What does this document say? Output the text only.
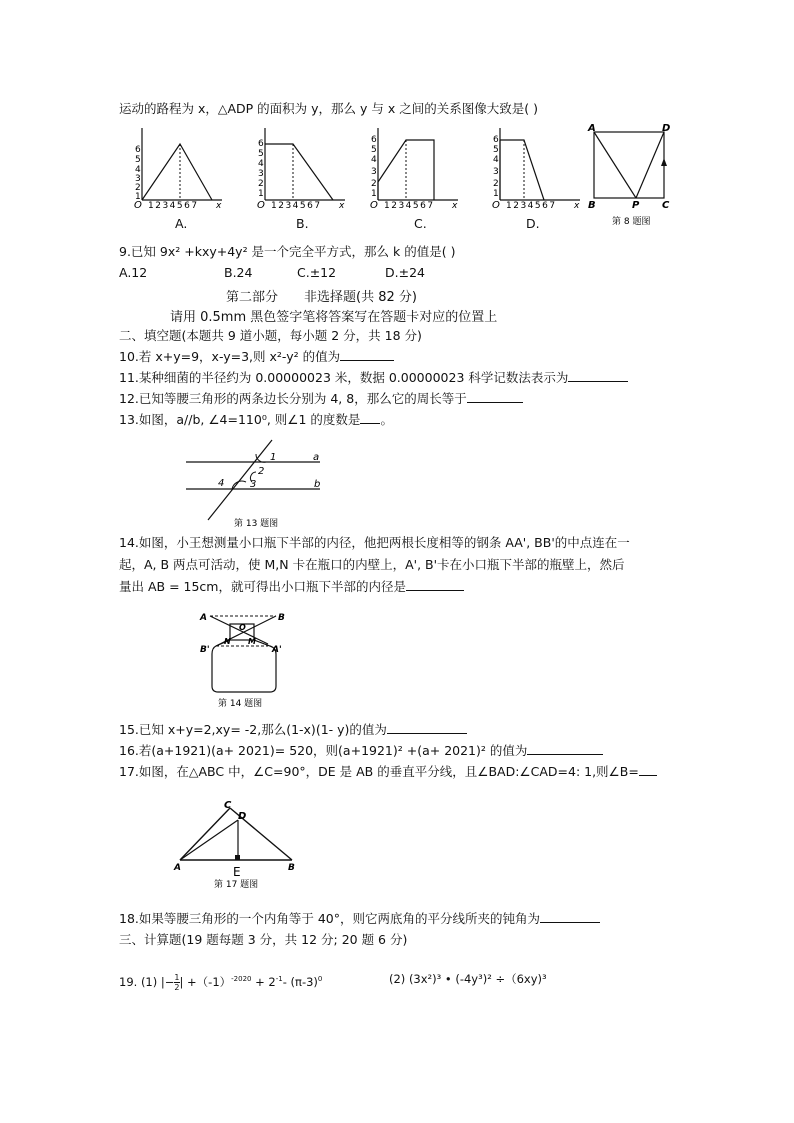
运动的路程为 x，△ADP 的面积为 y，那么 y 与 x 之间的关系图像大致是( )
O 1234567 x
6
5
4
3
2
1
A.
O 1234567 x
6
5
4
3
2
1
B.
O 1234567 x
6
5
4
3
2
1
C.
O 1234567 x
6
5
4
3
2
1
D.
A	D
B	P C
第 8 题图
9.已知 9x² +kxy+4y² 是一个完全平方式，那么 k 的值是( )
A.12	B.24	C.±12	D.±24
第二部分　　非选择题(共 82 分)
请用 0.5mm 黑色签字笔将答案写在答题卡对应的位置上
二、填空题(本题共 9 道小题，每小题 2 分，共 18 分)
10.若 x+y=9，x-y=3,则 x²-y² 的值为
11.某种细菌的半径约为 0.00000023 米，数据 0.00000023 科学记数法表示为
12.已知等腰三角形的两条边长分别为 4, 8，那么它的周长等于
13.如图，a//b, ∠4=110⁰, 则∠1 的度数是 。
1
2
3
4
a
b
第 13 题图
14.如图，小王想测量小口瓶下半部的内径，他把两根长度相等的钢条 AA', BB'的中点连在一
起，A, B 两点可活动，使 M,N 卡在瓶口的内壁上，A', B'卡在小口瓶下半部的瓶壁上，然后
量出 AB = 15cm，就可得出小口瓶下半部的内径是
A	B
O
N M
B'	A'
第 14 题图
15.已知 x+y=2,xy= -2,那么(1-x)(1- y)的值为
16.若(a+1921)(a+ 2021)= 520，则(a+1921)² +(a+ 2021)² 的值为
17.如图，在△ABC 中，∠C=90°，DE 是 AB 的垂直平分线，且∠BAD:∠CAD=4: 1,则∠B=
A	B
C
D
E
第 17 题图
18.如果等腰三角形的一个内角等于 40°，则它两底角的平分线所夹的钝角为
三、计算题(19 题每题 3 分，共 12 分; 20 题 6 分)
19. (1) |− $\frac{1}{2}$ | $+(-1)^{-2020} + 2^{-1}-$ $(\pi-3)^0$	(2) (3x²)³ • (-4y³)² ÷（6xy)³
